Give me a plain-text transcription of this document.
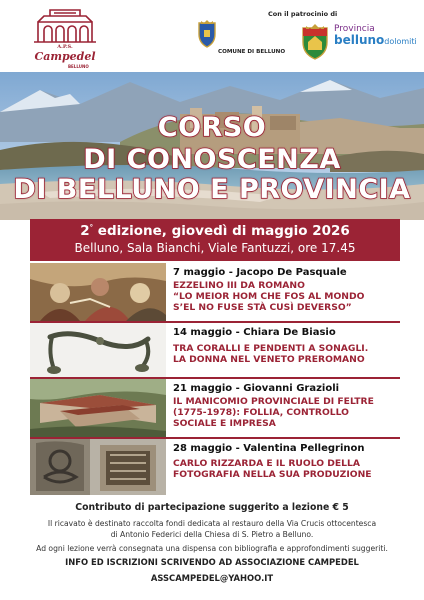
A.P.S.
Campedel
BELLUNO
Con il patrocinio di
COMUNE DI BELLUNO
Provincia
bellunodolomiti
CORSO
DI CONOSCENZA
DI BELLUNO E PROVINCIA
2° edizione, giovedì di maggio 2026
Belluno, Sala Bianchi, Viale Fantuzzi, ore 17.45
7 maggio - Jacopo De Pasquale
EZZELINO III DA ROMANO
“LO MEIOR HOM CHE FOS AL MONDO
S’EL NO FUSE STÀ CUSÌ DEVERSO”
14 maggio - Chiara De Biasio
TRA CORALLI E PENDENTI A SONAGLI.
LA DONNA NEL VENETO PREROMANO
21 maggio - Giovanni Grazioli
IL MANICOMIO PROVINCIALE DI FELTRE
(1775-1978): FOLLIA, CONTROLLO
SOCIALE E IMPRESA
28 maggio - Valentina Pellegrinon
CARLO RIZZARDA E IL RUOLO DELLA
FOTOGRAFIA NELLA SUA PRODUZIONE
Contributo di partecipazione suggerito a lezione € 5
Il ricavato è destinato raccolta fondi dedicata al restauro della Via Crucis ottocentesca
di Antonio Federici della Chiesa di S. Pietro a Belluno.
Ad ogni lezione verrà consegnata una dispensa con bibliografia e approfondimenti suggeriti.
INFO ED ISCRIZIONI SCRIVENDO AD ASSOCIAZIONE CAMPEDEL
ASSCAMPEDEL@YAHOO.IT
